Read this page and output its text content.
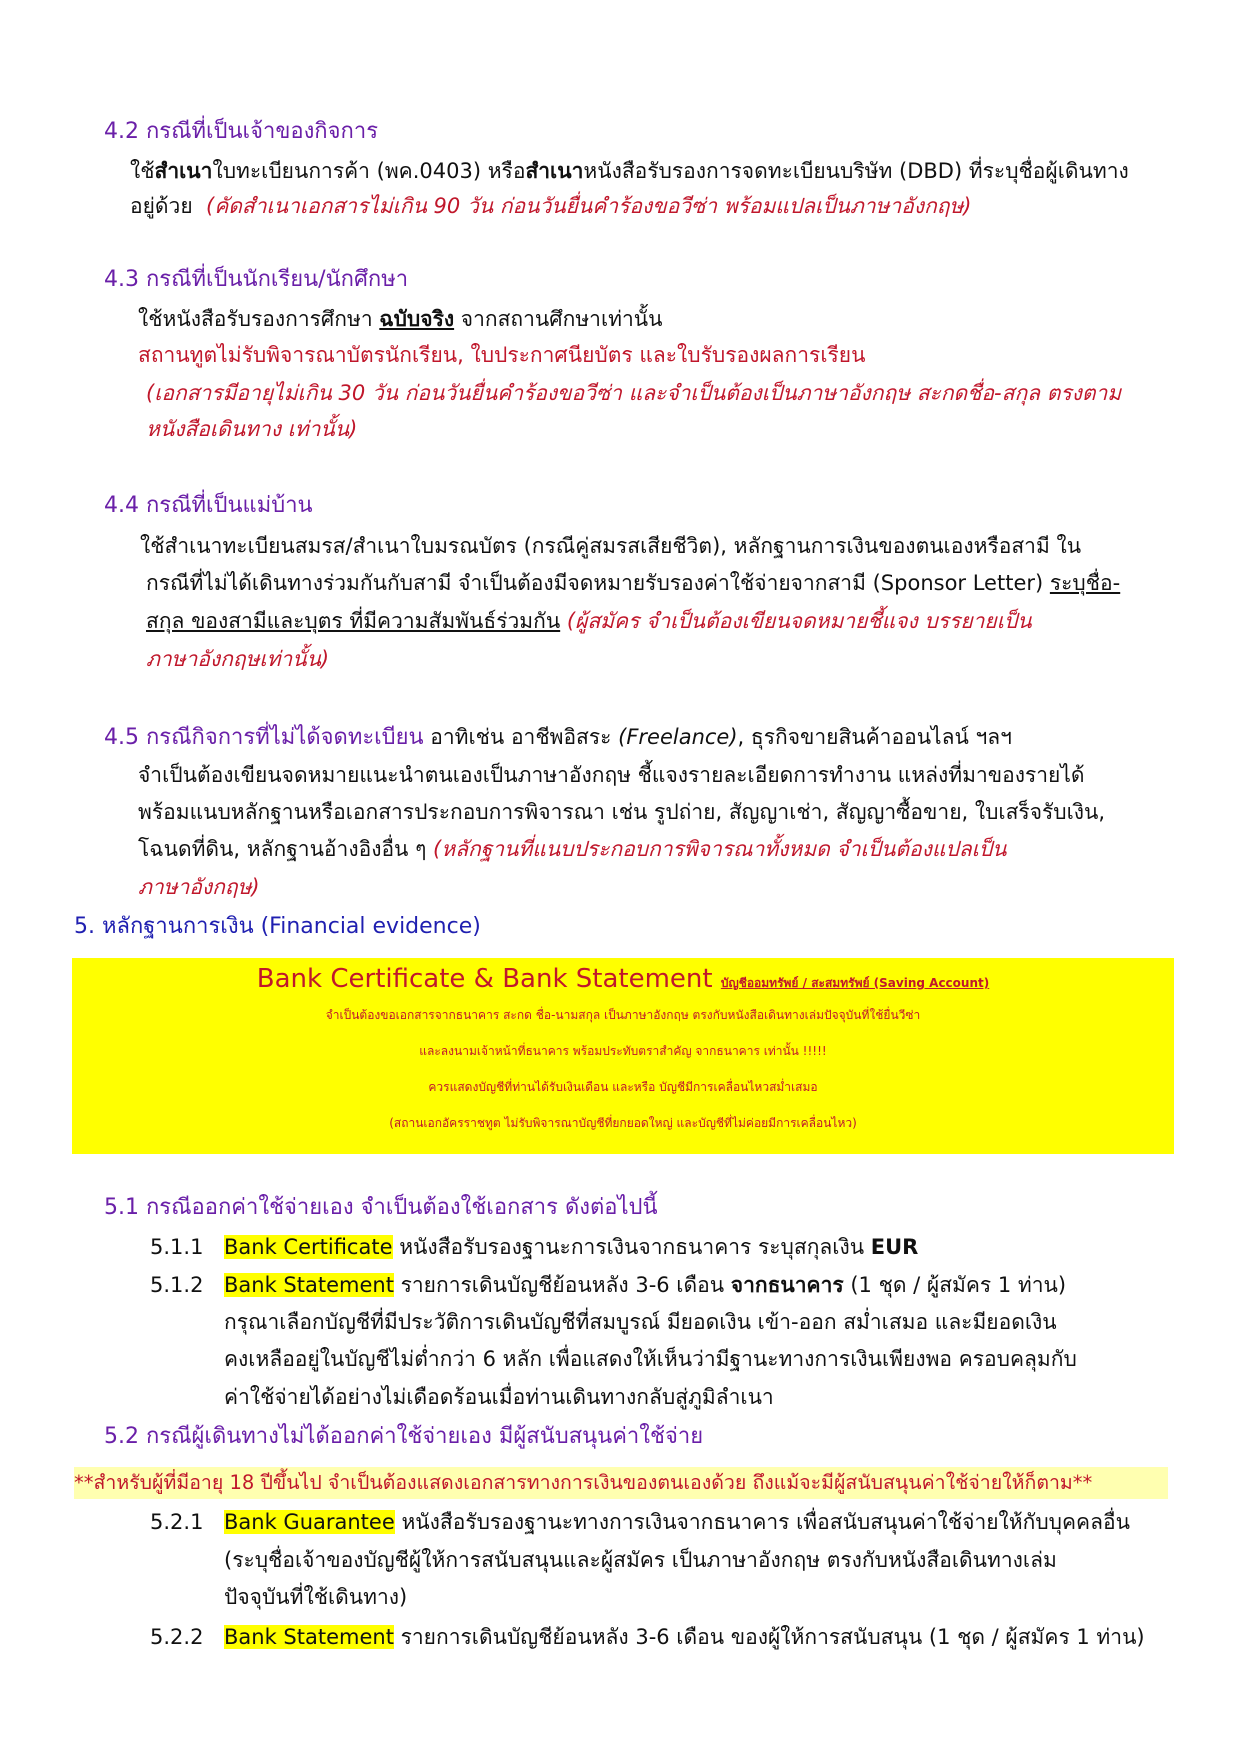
4.2 กรณีที่เป็นเจ้าของกิจการ
ใช้สำเนาใบทะเบียนการค้า (พค.0403) หรือสำเนาหนังสือรับรองการจดทะเบียนบริษัท (DBD) ที่ระบุชื่อผู้เดินทาง
อยู่ด้วย (คัดสำเนาเอกสารไม่เกิน 90 วัน ก่อนวันยื่นคำร้องขอวีซ่า พร้อมแปลเป็นภาษาอังกฤษ)
4.3 กรณีที่เป็นนักเรียน/นักศึกษา
ใช้หนังสือรับรองการศึกษา ฉบับจริง จากสถานศึกษาเท่านั้น
สถานทูตไม่รับพิจารณาบัตรนักเรียน, ใบประกาศนียบัตร และใบรับรองผลการเรียน
(เอกสารมีอายุไม่เกิน 30 วัน ก่อนวันยื่นคำร้องขอวีซ่า และจำเป็นต้องเป็นภาษาอังกฤษ สะกดชื่อ-สกุล ตรงตาม
หนังสือเดินทาง เท่านั้น)
4.4 กรณีที่เป็นแม่บ้าน
ใช้สำเนาทะเบียนสมรส/สำเนาใบมรณบัตร (กรณีคู่สมรสเสียชีวิต), หลักฐานการเงินของตนเองหรือสามี ใน
กรณีที่ไม่ได้เดินทางร่วมกันกับสามี จำเป็นต้องมีจดหมายรับรองค่าใช้จ่ายจากสามี (Sponsor Letter) ระบุชื่อ-
สกุล ของสามีและบุตร ที่มีความสัมพันธ์ร่วมกัน (ผู้สมัคร จำเป็นต้องเขียนจดหมายชี้แจง บรรยายเป็น
ภาษาอังกฤษเท่านั้น)
4.5 กรณีกิจการที่ไม่ได้จดทะเบียน อาทิเช่น อาชีพอิสระ (Freelance), ธุรกิจขายสินค้าออนไลน์ ฯลฯ
จำเป็นต้องเขียนจดหมายแนะนำตนเองเป็นภาษาอังกฤษ ชี้แจงรายละเอียดการทำงาน แหล่งที่มาของรายได้
พร้อมแนบหลักฐานหรือเอกสารประกอบการพิจารณา เช่น รูปถ่าย, สัญญาเช่า, สัญญาซื้อขาย, ใบเสร็จรับเงิน,
โฉนดที่ดิน, หลักฐานอ้างอิงอื่น ๆ (หลักฐานที่แนบประกอบการพิจารณาทั้งหมด จำเป็นต้องแปลเป็น
ภาษาอังกฤษ)
5. หลักฐานการเงิน (Financial evidence)
Bank Certificate & Bank Statement บัญชีออมทรัพย์ / สะสมทรัพย์ (Saving Account)
จำเป็นต้องขอเอกสารจากธนาคาร สะกด ชื่อ-นามสกุล เป็นภาษาอังกฤษ ตรงกับหนังสือเดินทางเล่มปัจจุบันที่ใช้ยื่นวีซ่า
และลงนามเจ้าหน้าที่ธนาคาร พร้อมประทับตราสำคัญ จากธนาคาร เท่านั้น !!!!!
ควรแสดงบัญชีที่ท่านได้รับเงินเดือน และหรือ บัญชีมีการเคลื่อนไหวสม่ำเสมอ
(สถานเอกอัครราชทูต ไม่รับพิจารณาบัญชีที่ยกยอดใหญ่ และบัญชีที่ไม่ค่อยมีการเคลื่อนไหว)
5.1 กรณีออกค่าใช้จ่ายเอง จำเป็นต้องใช้เอกสาร ดังต่อไปนี้
5.1.1 Bank Certificate หนังสือรับรองฐานะการเงินจากธนาคาร ระบุสกุลเงิน EUR
5.1.2 Bank Statement รายการเดินบัญชีย้อนหลัง 3-6 เดือน จากธนาคาร (1 ชุด / ผู้สมัคร 1 ท่าน)
กรุณาเลือกบัญชีที่มีประวัติการเดินบัญชีที่สมบูรณ์ มียอดเงิน เข้า-ออก สม่ำเสมอ และมียอดเงิน
คงเหลืออยู่ในบัญชีไม่ต่ำกว่า 6 หลัก เพื่อแสดงให้เห็นว่ามีฐานะทางการเงินเพียงพอ ครอบคลุมกับ
ค่าใช้จ่ายได้อย่างไม่เดือดร้อนเมื่อท่านเดินทางกลับสู่ภูมิลำเนา
5.2 กรณีผู้เดินทางไม่ได้ออกค่าใช้จ่ายเอง มีผู้สนับสนุนค่าใช้จ่าย
**สำหรับผู้ที่มีอายุ 18 ปีขึ้นไป จำเป็นต้องแสดงเอกสารทางการเงินของตนเองด้วย ถึงแม้จะมีผู้สนับสนุนค่าใช้จ่ายให้ก็ตาม**
5.2.1 Bank Guarantee หนังสือรับรองฐานะทางการเงินจากธนาคาร เพื่อสนับสนุนค่าใช้จ่ายให้กับบุคคลอื่น
(ระบุชื่อเจ้าของบัญชีผู้ให้การสนับสนุนและผู้สมัคร เป็นภาษาอังกฤษ ตรงกับหนังสือเดินทางเล่ม
ปัจจุบันที่ใช้เดินทาง)
5.2.2 Bank Statement รายการเดินบัญชีย้อนหลัง 3-6 เดือน ของผู้ให้การสนับสนุน (1 ชุด / ผู้สมัคร 1 ท่าน)
